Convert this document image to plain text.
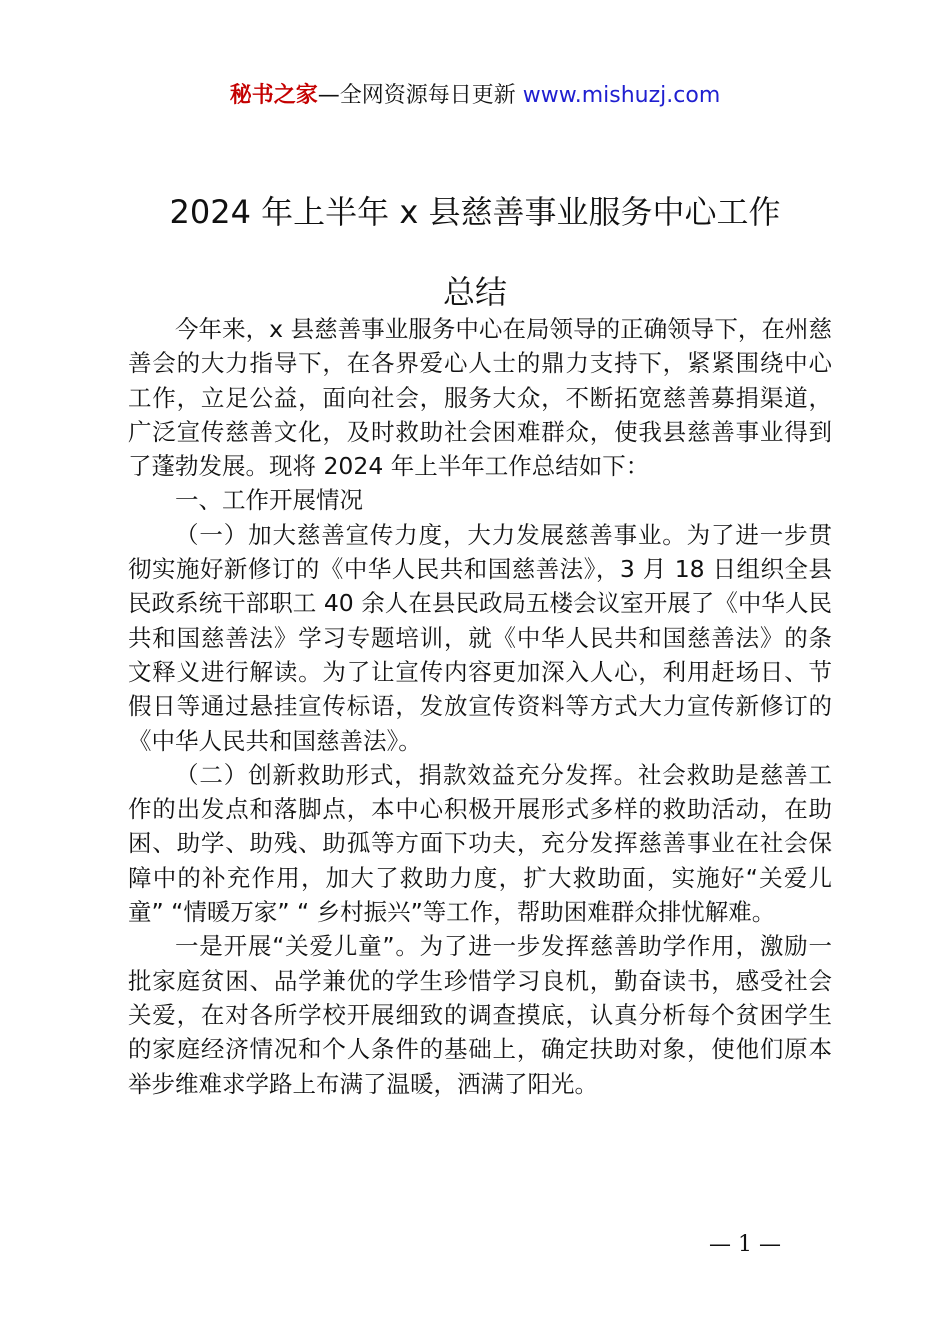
秘书之家—全网资源每日更新 www.mishuzj.com
2024 年上半年 x 县慈善事业服务中心工作
总结

今年来，x 县慈善事业服务中心在局领导的正确领导下，在州慈善会的大力指导下，在各界爱心人士的鼎力支持下，紧紧围绕中心工作，立足公益，面向社会，服务大众，不断拓宽慈善募捐渠道，广泛宣传慈善文化，及时救助社会困难群众，使我县慈善事业得到了蓬勃发展。现将 2024 年上半年工作总结如下：

一、工作开展情况

（一）加大慈善宣传力度，大力发展慈善事业。为了进一步贯彻实施好新修订的《中华人民共和国慈善法》，3 月 18 日组织全县民政系统干部职工 40 余人在县民政局五楼会议室开展了《中华人民共和国慈善法》学习专题培训，就《中华人民共和国慈善法》的条文释义进行解读。为了让宣传内容更加深入人心，利用赶场日、节假日等通过悬挂宣传标语，发放宣传资料等方式大力宣传新修订的《中华人民共和国慈善法》。

（二）创新救助形式，捐款效益充分发挥。社会救助是慈善工作的出发点和落脚点，本中心积极开展形式多样的救助活动，在助困、助学、助残、助孤等方面下功夫，充分发挥慈善事业在社会保障中的补充作用，加大了救助力度，扩大救助面，实施好“关爱儿童” “情暖万家” “ 乡村振兴”等工作，帮助困难群众排忧解难。

一是开展“关爱儿童”。为了进一步发挥慈善助学作用，激励一批家庭贫困、品学兼优的学生珍惜学习良机，勤奋读书，感受社会关爱，在对各所学校开展细致的调查摸底，认真分析每个贫困学生的家庭经济情况和个人条件的基础上，确定扶助对象，使他们原本举步维难求学路上布满了温暖，洒满了阳光。

— 1 —
